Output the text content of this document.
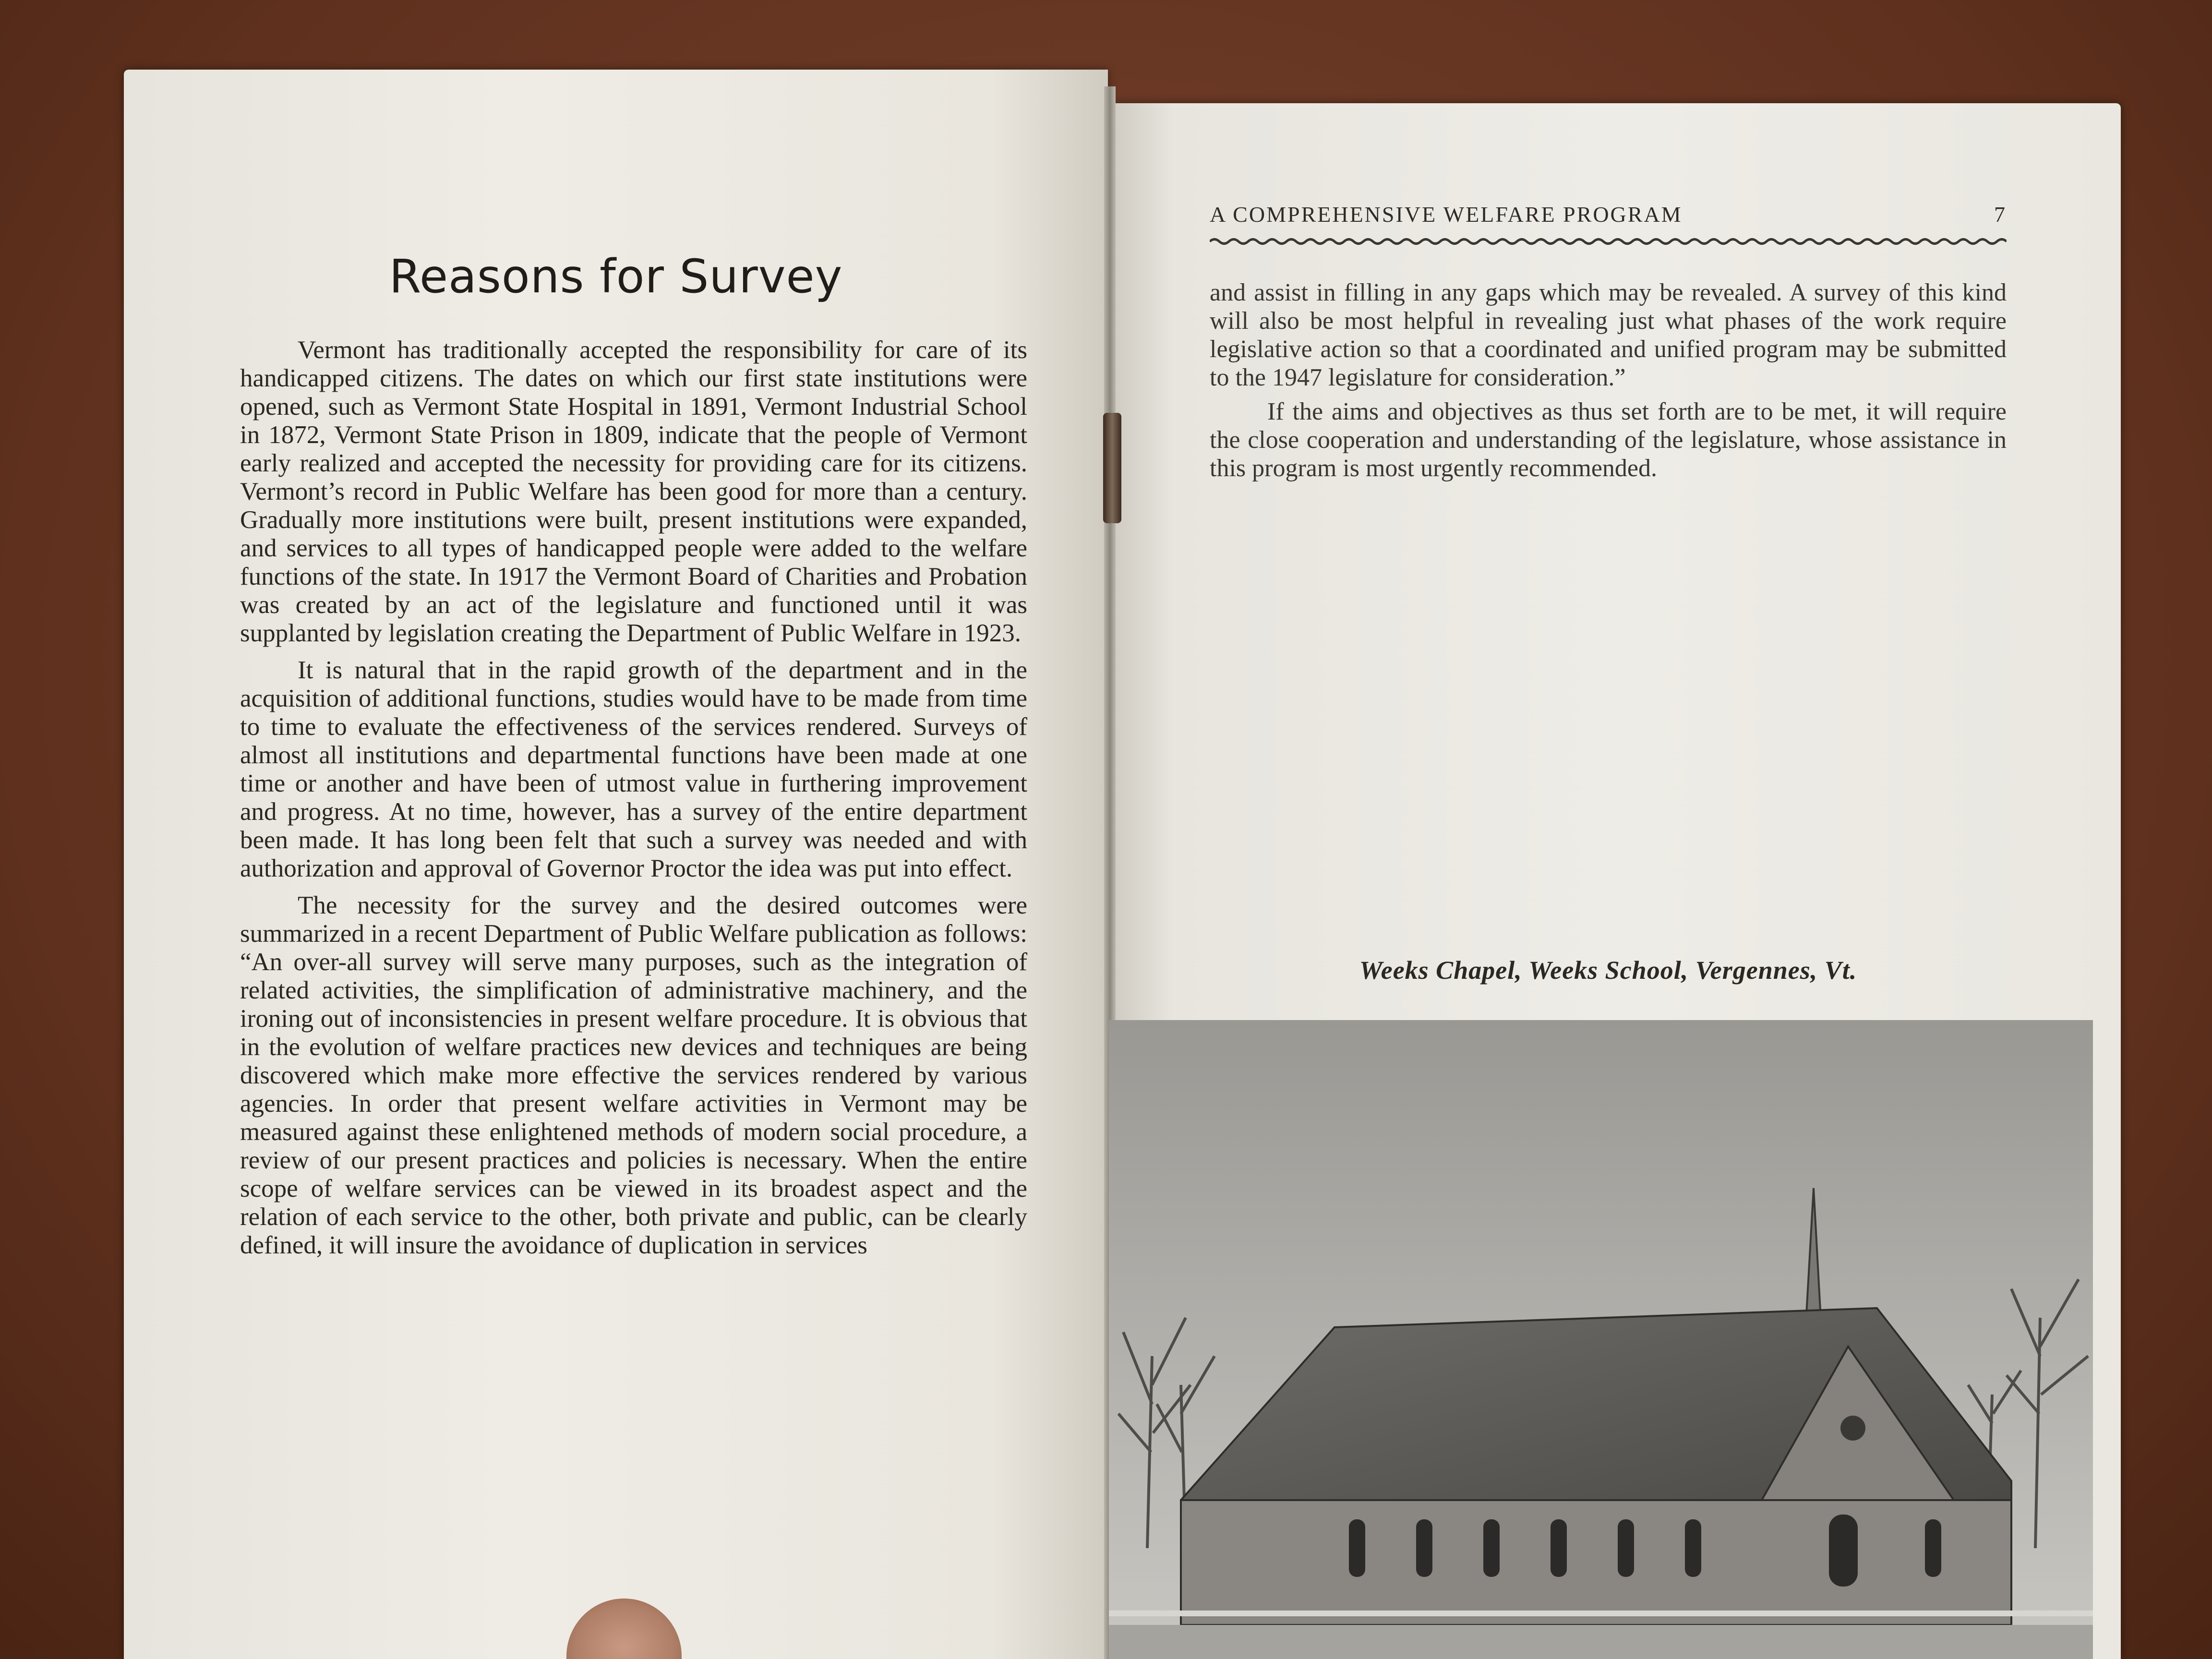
Reasons for Survey

Vermont has traditionally accepted the responsibility for care of its handicapped citizens. The dates on which our first state institutions were opened, such as Vermont State Hospital in 1891, Vermont Industrial School in 1872, Vermont State Prison in 1809, indicate that the people of Vermont early realized and accepted the necessity for providing care for its citizens. Vermont’s record in Public Welfare has been good for more than a century. Gradually more institutions were built, present institutions were expanded, and services to all types of handicapped people were added to the welfare functions of the state. In 1917 the Vermont Board of Charities and Probation was created by an act of the legislature and functioned until it was supplanted by legislation creating the Department of Public Welfare in 1923.

It is natural that in the rapid growth of the department and in the acquisition of additional functions, studies would have to be made from time to time to evaluate the effectiveness of the services rendered. Surveys of almost all institutions and departmental functions have been made at one time or another and have been of utmost value in furthering improvement and progress. At no time, however, has a survey of the entire department been made. It has long been felt that such a survey was needed and with authorization and approval of Governor Proctor the idea was put into effect.

The necessity for the survey and the desired outcomes were summarized in a recent Department of Public Welfare publication as follows: “An over-all survey will serve many purposes, such as the integration of related activities, the simplification of administrative machinery, and the ironing out of inconsistencies in present welfare procedure. It is obvious that in the evolution of welfare practices new devices and techniques are being discovered which make more effective the services rendered by various agencies. In order that present welfare activities in Vermont may be measured against these enlightened methods of modern social procedure, a review of our present practices and policies is necessary. When the entire scope of welfare services can be viewed in its broadest aspect and the relation of each service to the other, both private and public, can be clearly defined, it will insure the avoidance of duplication in services

A COMPREHENSIVE WELFARE PROGRAM	7

and assist in filling in any gaps which may be revealed. A survey of this kind will also be most helpful in revealing just what phases of the work require legislative action so that a coordinated and unified program may be submitted to the 1947 legislature for consideration.”

If the aims and objectives as thus set forth are to be met, it will require the close cooperation and understanding of the legislature, whose assistance in this program is most urgently recommended.

Weeks Chapel, Weeks School, Vergennes, Vt.
